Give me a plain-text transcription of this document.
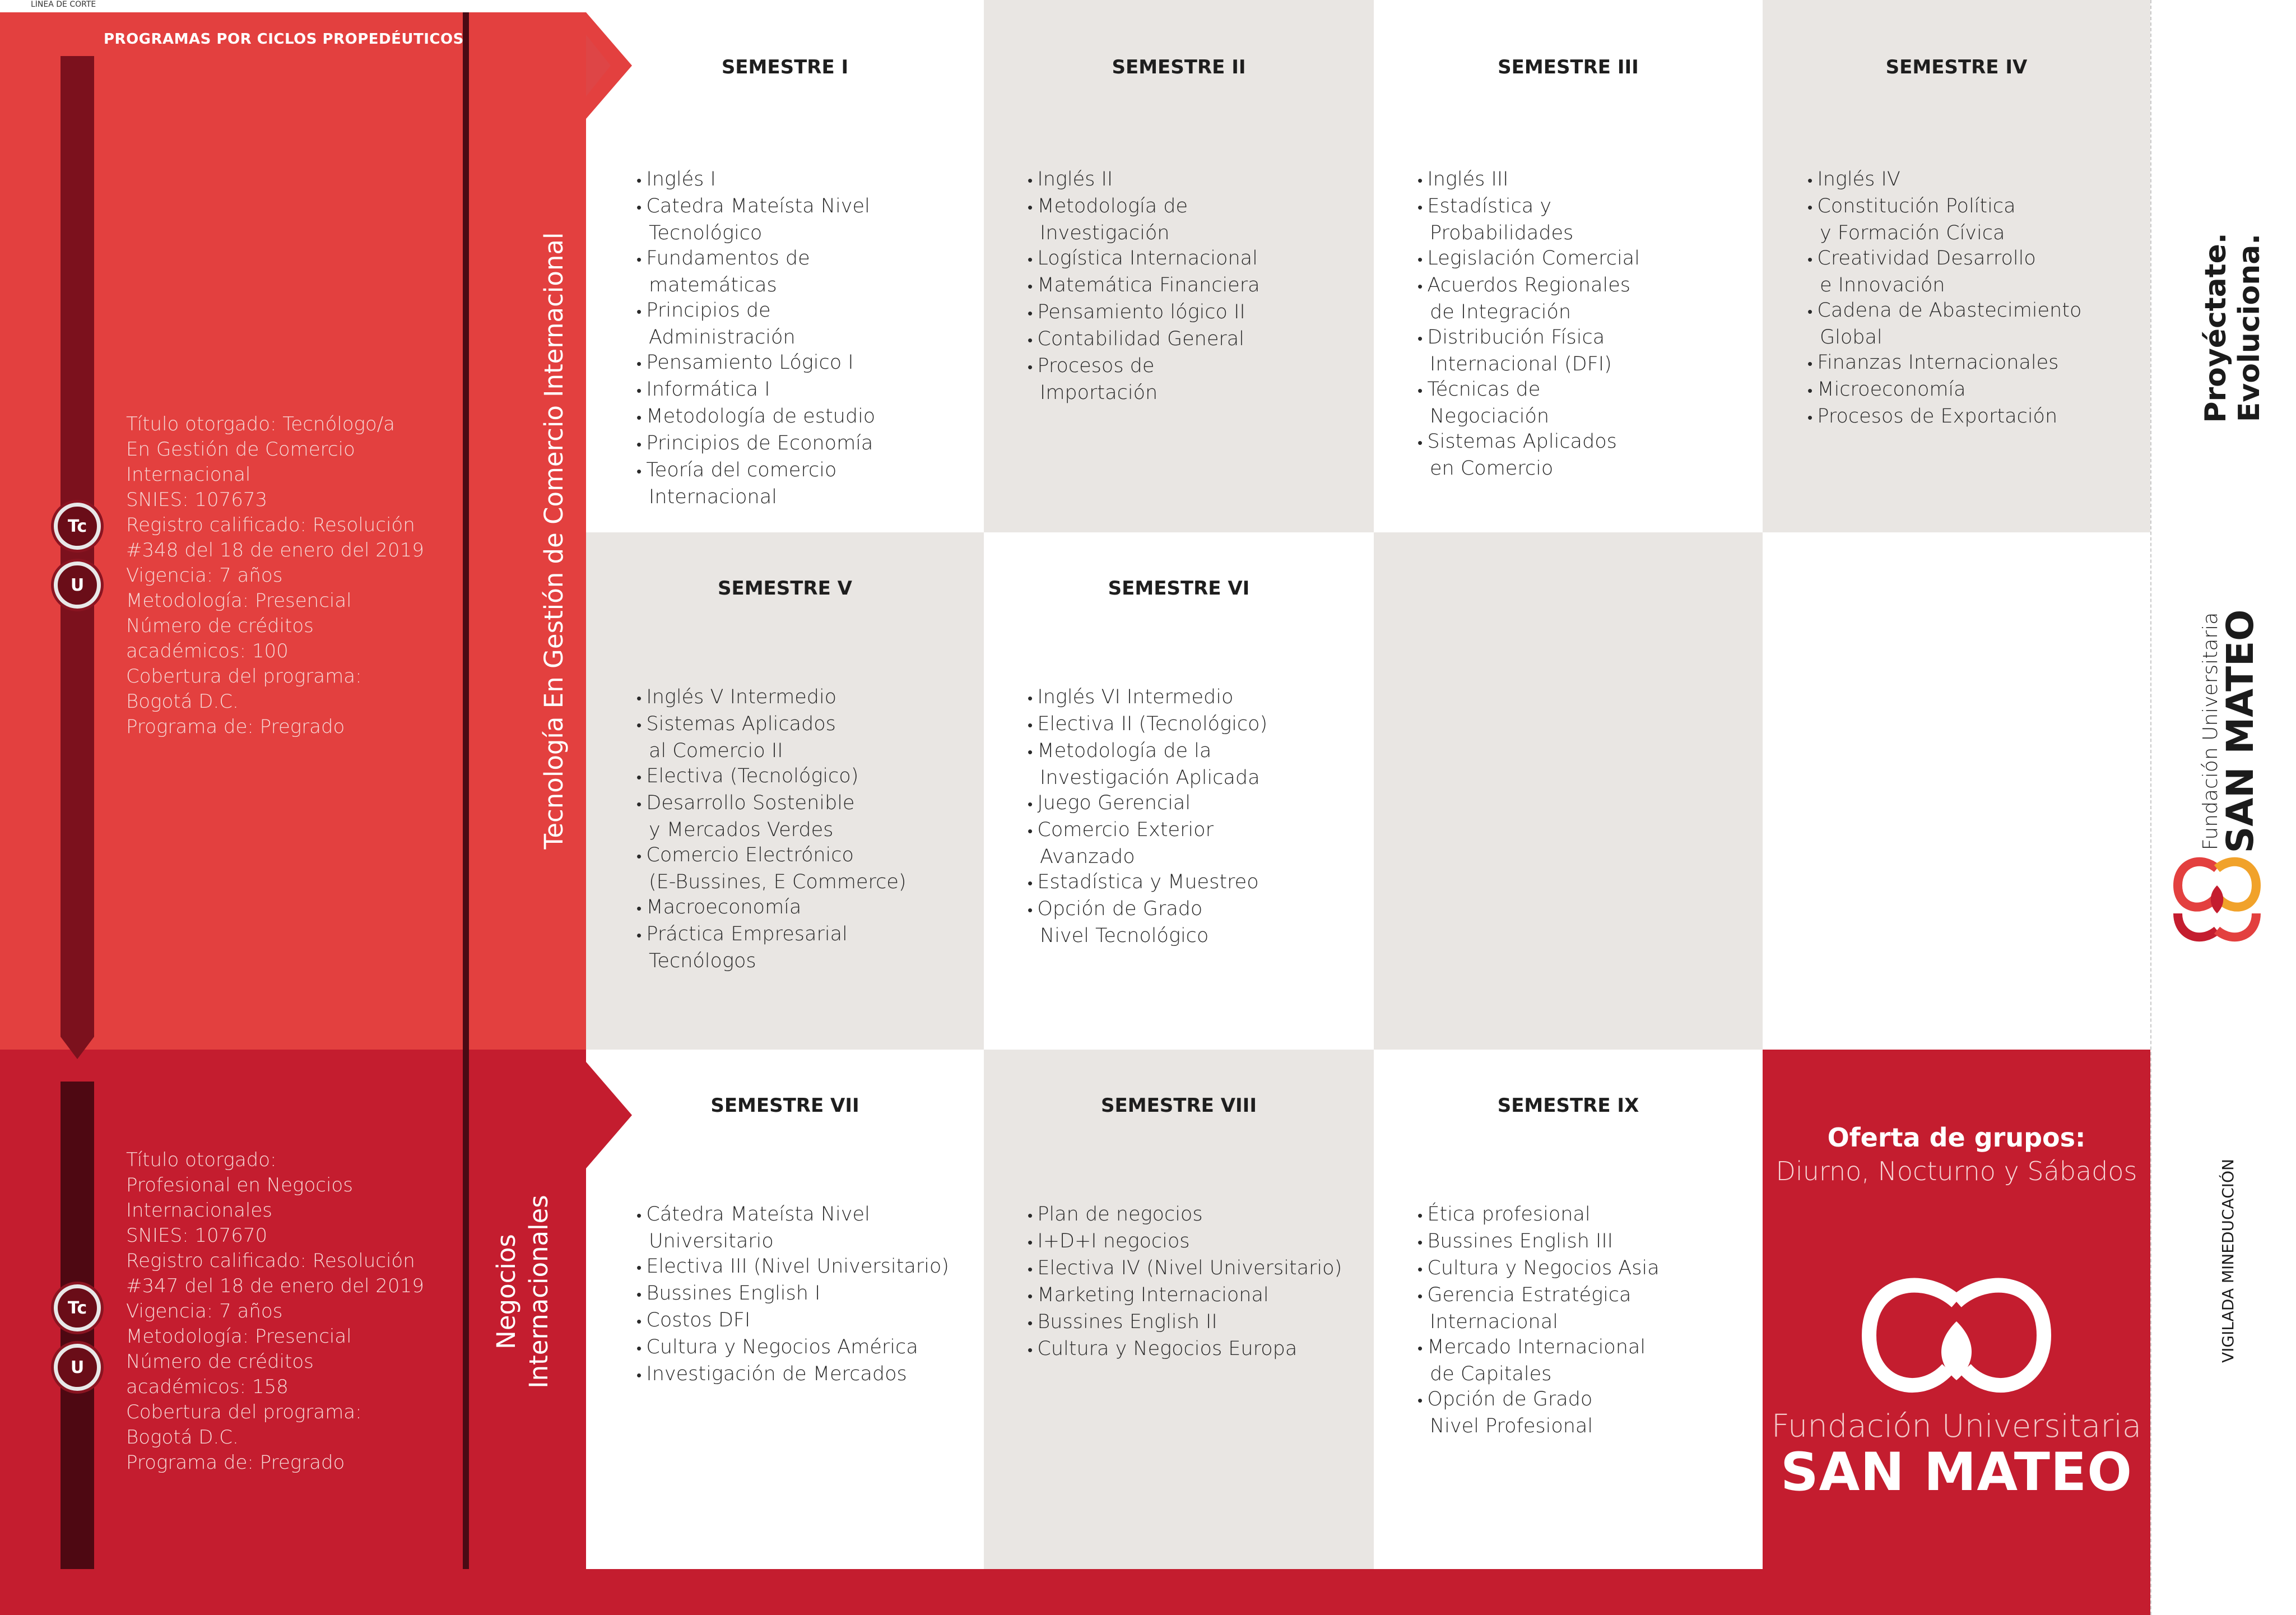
LÍNEA DE CORTE
PROGRAMAS POR CICLOS PROPEDÉUTICOS
Tc
U
Tc
U
Título otorgado: Tecnólogo/a
En Gestión de Comercio
Internacional
SNIES: 107673
Registro calificado: Resolución
#348 del 18 de enero del 2019
Vigencia: 7 años
Metodología: Presencial
Número de créditos
académicos: 100
Cobertura del programa:
Bogotá D.C.
Programa de: Pregrado
Título otorgado:
Profesional en Negocios
Internacionales
SNIES: 107670
Registro calificado: Resolución
#347 del 18 de enero del 2019
Vigencia: 7 años
Metodología: Presencial
Número de créditos
académicos: 158
Cobertura del programa:
Bogotá D.C.
Programa de: Pregrado
Tecnología En Gestión de Comercio Internacional
Negocios Internacionales
SEMESTRE I
• Inglés I
• Catedra Mateísta Nivel
Tecnológico
• Fundamentos de
matemáticas
• Principios de
Administración
• Pensamiento Lógico I
• Informática I
• Metodología de estudio
• Principios de Economía
• Teoría del comercio
Internacional
SEMESTRE II
• Inglés II
• Metodología de
Investigación
• Logística Internacional
• Matemática Financiera
• Pensamiento lógico II
• Contabilidad General
• Procesos de
Importación
SEMESTRE III
• Inglés III
• Estadística y
Probabilidades
• Legislación Comercial
• Acuerdos Regionales
de Integración
• Distribución Física
Internacional (DFI)
• Técnicas de
Negociación
• Sistemas Aplicados
en Comercio
SEMESTRE IV
• Inglés IV
• Constitución Política
y Formación Cívica
• Creatividad Desarrollo
e Innovación
• Cadena de Abastecimiento
Global
• Finanzas Internacionales
• Microeconomía
• Procesos de Exportación
SEMESTRE V
• Inglés V Intermedio
• Sistemas Aplicados
al Comercio II
• Electiva (Tecnológico)
• Desarrollo Sostenible
y Mercados Verdes
• Comercio Electrónico
(E-Bussines, E Commerce)
• Macroeconomía
• Práctica Empresarial
Tecnólogos
SEMESTRE VI
• Inglés VI Intermedio
• Electiva II (Tecnológico)
• Metodología de la
Investigación Aplicada
• Juego Gerencial
• Comercio Exterior
Avanzado
• Estadística y Muestreo
• Opción de Grado
Nivel Tecnológico
SEMESTRE VII
• Cátedra Mateísta Nivel
Universitario
• Electiva III (Nivel Universitario)
• Bussines English I
• Costos DFI
• Cultura y Negocios América
• Investigación de Mercados
SEMESTRE VIII
• Plan de negocios
• I+D+I negocios
• Electiva IV (Nivel Universitario)
• Marketing Internacional
• Bussines English II
• Cultura y Negocios Europa
SEMESTRE IX
• Ética profesional
• Bussines English III
• Cultura y Negocios Asia
• Gerencia Estratégica
Internacional
• Mercado Internacional
de Capitales
• Opción de Grado
Nivel Profesional
Oferta de grupos:
Diurno, Nocturno y Sábados
Fundación Universitaria
SAN MATEO
Proyéctate. Evoluciona.
Fundación Universitaria
SAN MATEO
VIGILADA MINEDUCACIÓN
